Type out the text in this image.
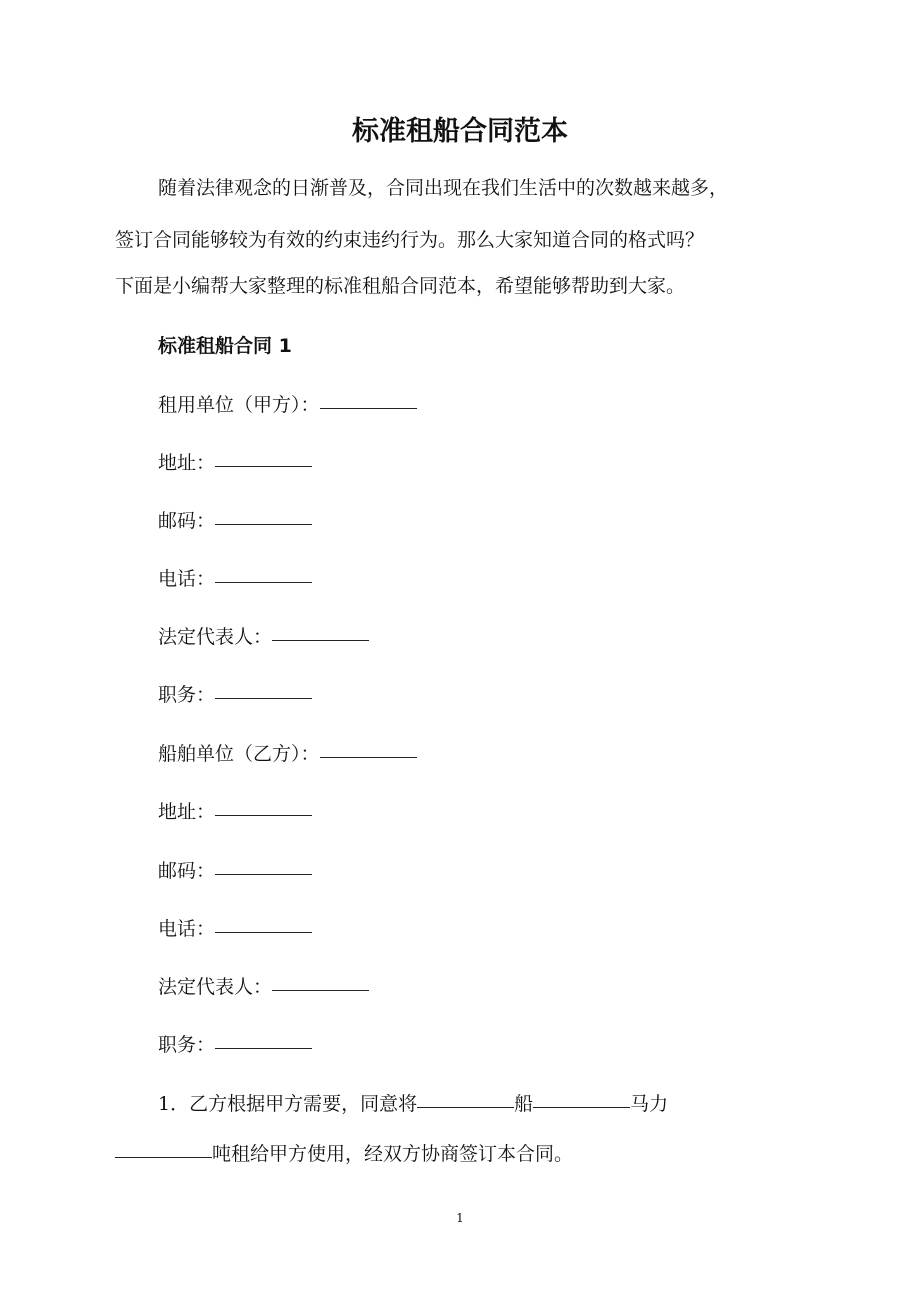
标准租船合同范本

随着法律观念的日渐普及，合同出现在我们生活中的次数越来越多，

签订合同能够较为有效的约束违约行为。那么大家知道合同的格式吗？

下面是小编帮大家整理的标准租船合同范本，希望能够帮助到大家。

标准租船合同 1

租用单位（甲方）：

地址：

邮码：

电话：

法定代表人：

职务：

船舶单位（乙方）：

地址：

邮码：

电话：

法定代表人：

职务：

1．乙方根据甲方需要，同意将	船	马力

吨租给甲方使用，经双方协商签订本合同。

1
